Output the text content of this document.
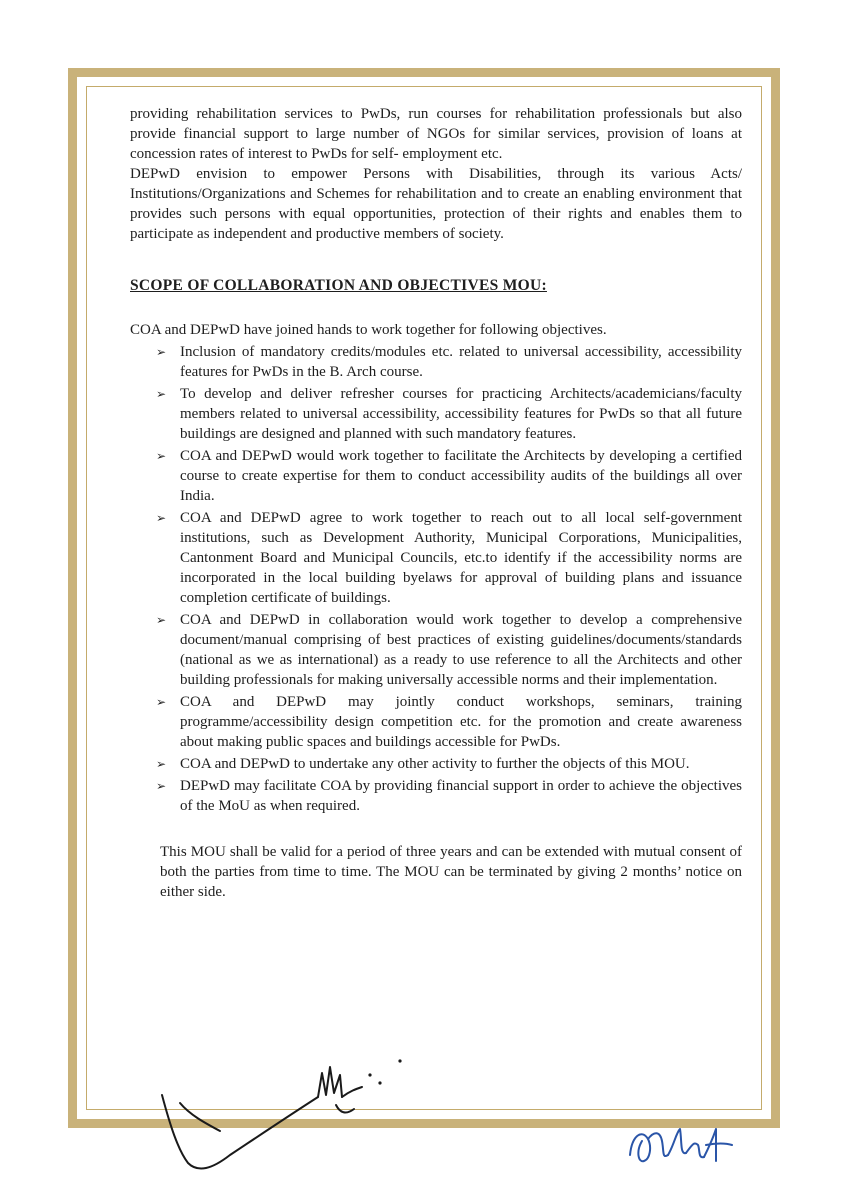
providing rehabilitation services to PwDs, run courses for rehabilitation professionals but also provide financial support to large number of NGOs for similar services, provision of loans at concession rates of interest to PwDs for self- employment etc.

DEPwD envision to empower Persons with Disabilities, through its various Acts/ Institutions/Organizations and Schemes for rehabilitation and to create an enabling environment that provides such persons with equal opportunities, protection of their rights and enables them to participate as independent and productive members of society.

SCOPE OF COLLABORATION AND OBJECTIVES MOU:

COA and DEPwD have joined hands to work together for following objectives.

➢ Inclusion of mandatory credits/modules etc. related to universal accessibility, accessibility features for PwDs in the B. Arch course.
➢ To develop and deliver refresher courses for practicing Architects/academicians/faculty members related to universal accessibility, accessibility features for PwDs so that all future buildings are designed and planned with such mandatory features.
➢ COA and DEPwD would work together to facilitate the Architects by developing a certified course to create expertise for them to conduct accessibility audits of the buildings all over India.
➢ COA and DEPwD agree to work together to reach out to all local self-government institutions, such as Development Authority, Municipal Corporations, Municipalities, Cantonment Board and Municipal Councils, etc.to identify if the accessibility norms are incorporated in the local building byelaws for approval of building plans and issuance completion certificate of buildings.
➢ COA and DEPwD in collaboration would work together to develop a comprehensive document/manual comprising of best practices of existing guidelines/documents/standards (national as we as international) as a ready to use reference to all the Architects and other building professionals for making universally accessible norms and their implementation.
➢ COA and DEPwD may jointly conduct workshops, seminars, training programme/accessibility design competition etc. for the promotion and create awareness about making public spaces and buildings accessible for PwDs.
➢ COA and DEPwD to undertake any other activity to further the objects of this MOU.
➢ DEPwD may facilitate COA by providing financial support in order to achieve the objectives of the MoU as when required.

This MOU shall be valid for a period of three years and can be extended with mutual consent of both the parties from time to time. The MOU can be terminated by giving 2 months’ notice on either side.
